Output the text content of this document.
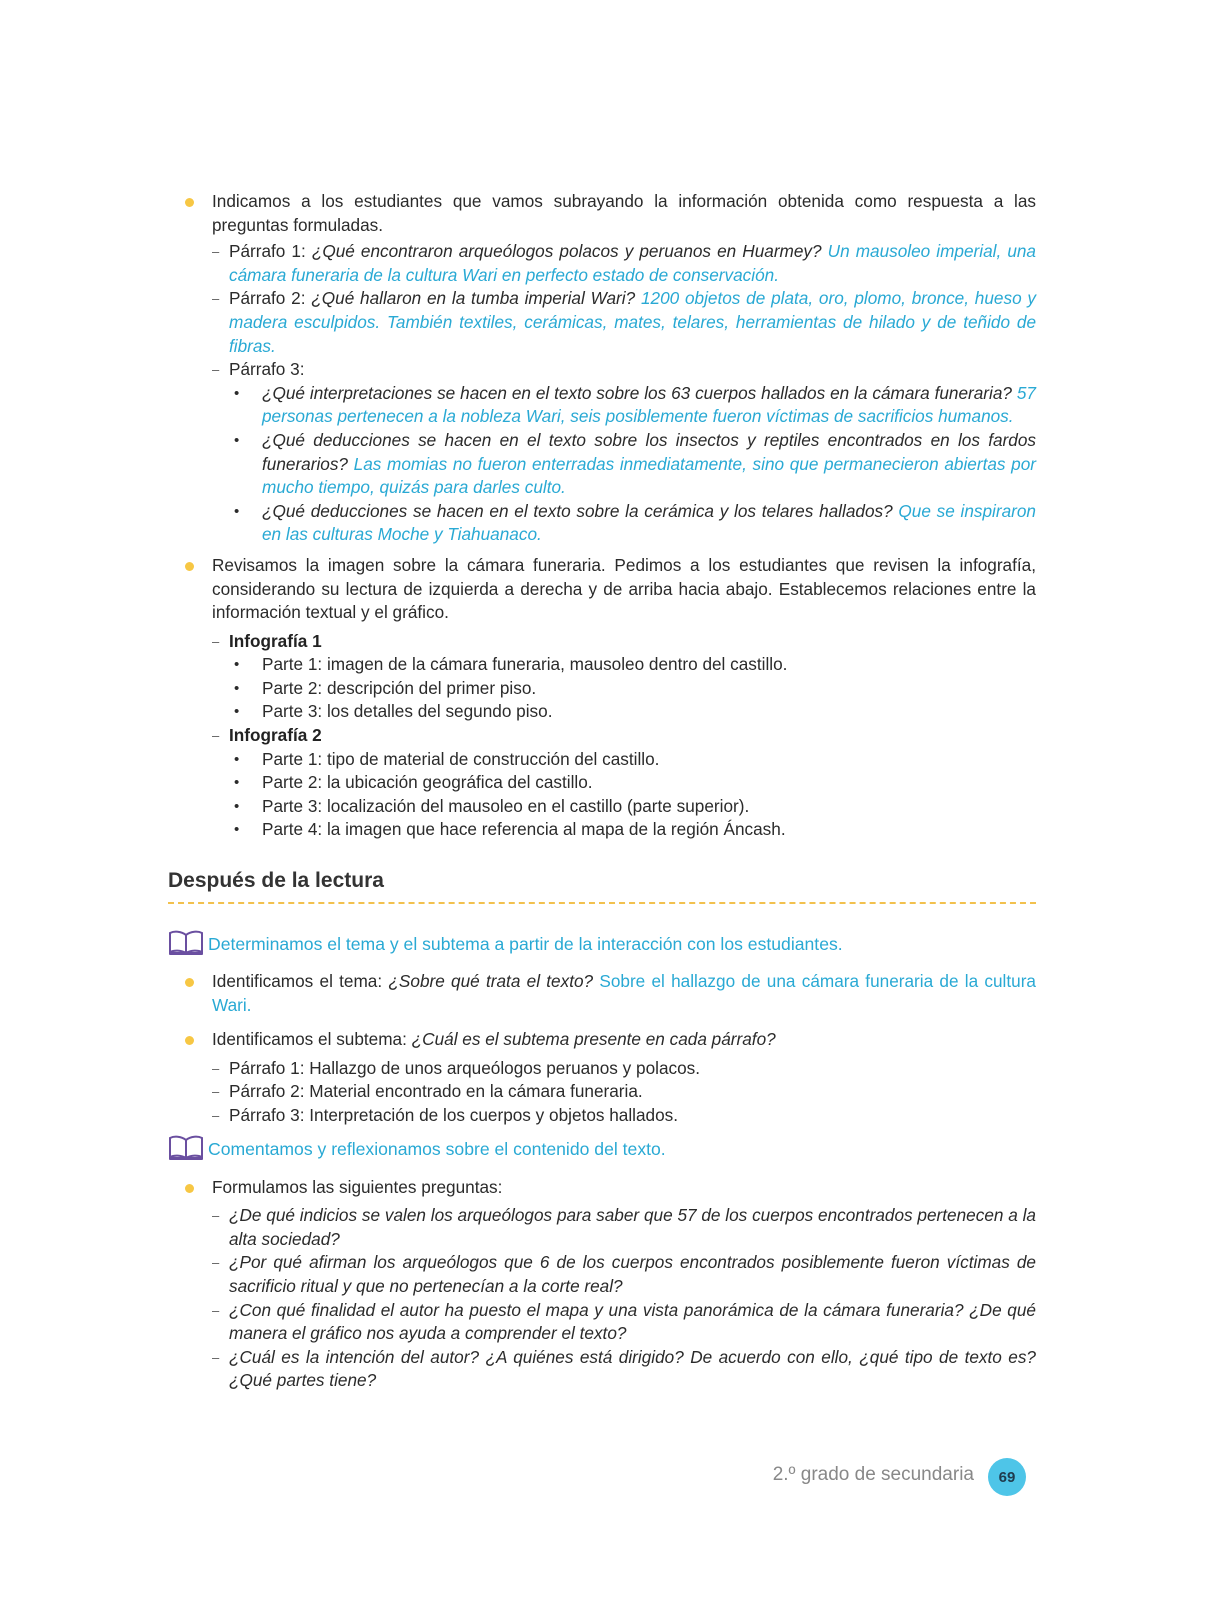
Indicamos a los estudiantes que vamos subrayando la información obtenida como respuesta a las preguntas formuladas.

– Párrafo 1: ¿Qué encontraron arqueólogos polacos y peruanos en Huarmey? Un mausoleo imperial, una cámara funeraria de la cultura Wari en perfecto estado de conservación.

– Párrafo 2: ¿Qué hallaron en la tumba imperial Wari? 1200 objetos de plata, oro, plomo, bronce, hueso y madera esculpidos. También textiles, cerámicas, mates, telares, herramientas de hilado y de teñido de fibras.

– Párrafo 3:

• ¿Qué interpretaciones se hacen en el texto sobre los 63 cuerpos hallados en la cámara funeraria? 57 personas pertenecen a la nobleza Wari, seis posiblemente fueron víctimas de sacrificios humanos.

• ¿Qué deducciones se hacen en el texto sobre los insectos y reptiles encontrados en los fardos funerarios? Las momias no fueron enterradas inmediatamente, sino que permanecieron abiertas por mucho tiempo, quizás para darles culto.

• ¿Qué deducciones se hacen en el texto sobre la cerámica y los telares hallados? Que se inspiraron en las culturas Moche y Tiahuanaco.

Revisamos la imagen sobre la cámara funeraria. Pedimos a los estudiantes que revisen la infografía, considerando su lectura de izquierda a derecha y de arriba hacia abajo. Establecemos relaciones entre la información textual y el gráfico.

– Infografía 1

• Parte 1: imagen de la cámara funeraria, mausoleo dentro del castillo.

• Parte 2: descripción del primer piso.

• Parte 3: los detalles del segundo piso.

– Infografía 2

• Parte 1: tipo de material de construcción del castillo.

• Parte 2: la ubicación geográfica del castillo.

• Parte 3: localización del mausoleo en el castillo (parte superior).

• Parte 4: la imagen que hace referencia al mapa de la región Áncash.

Después de la lectura
Determinamos el tema y el subtema a partir de la interacción con los estudiantes.

Identificamos el tema: ¿Sobre qué trata el texto? Sobre el hallazgo de una cámara funeraria de la cultura Wari.

Identificamos el subtema: ¿Cuál es el subtema presente en cada párrafo?

– Párrafo 1: Hallazgo de unos arqueólogos peruanos y polacos.

– Párrafo 2: Material encontrado en la cámara funeraria.

– Párrafo 3: Interpretación de los cuerpos y objetos hallados.

Comentamos y reflexionamos sobre el contenido del texto.

Formulamos las siguientes preguntas:

– ¿De qué indicios se valen los arqueólogos para saber que 57 de los cuerpos encontrados pertenecen a la alta sociedad?

– ¿Por qué afirman los arqueólogos que 6 de los cuerpos encontrados posiblemente fueron víctimas de sacrificio ritual y que no pertenecían a la corte real?

– ¿Con qué finalidad el autor ha puesto el mapa y una vista panorámica de la cámara funeraria? ¿De qué manera el gráfico nos ayuda a comprender el texto?

– ¿Cuál es la intención del autor? ¿A quiénes está dirigido? De acuerdo con ello, ¿qué tipo de texto es? ¿Qué partes tiene?

2.º grado de secundaria	69
